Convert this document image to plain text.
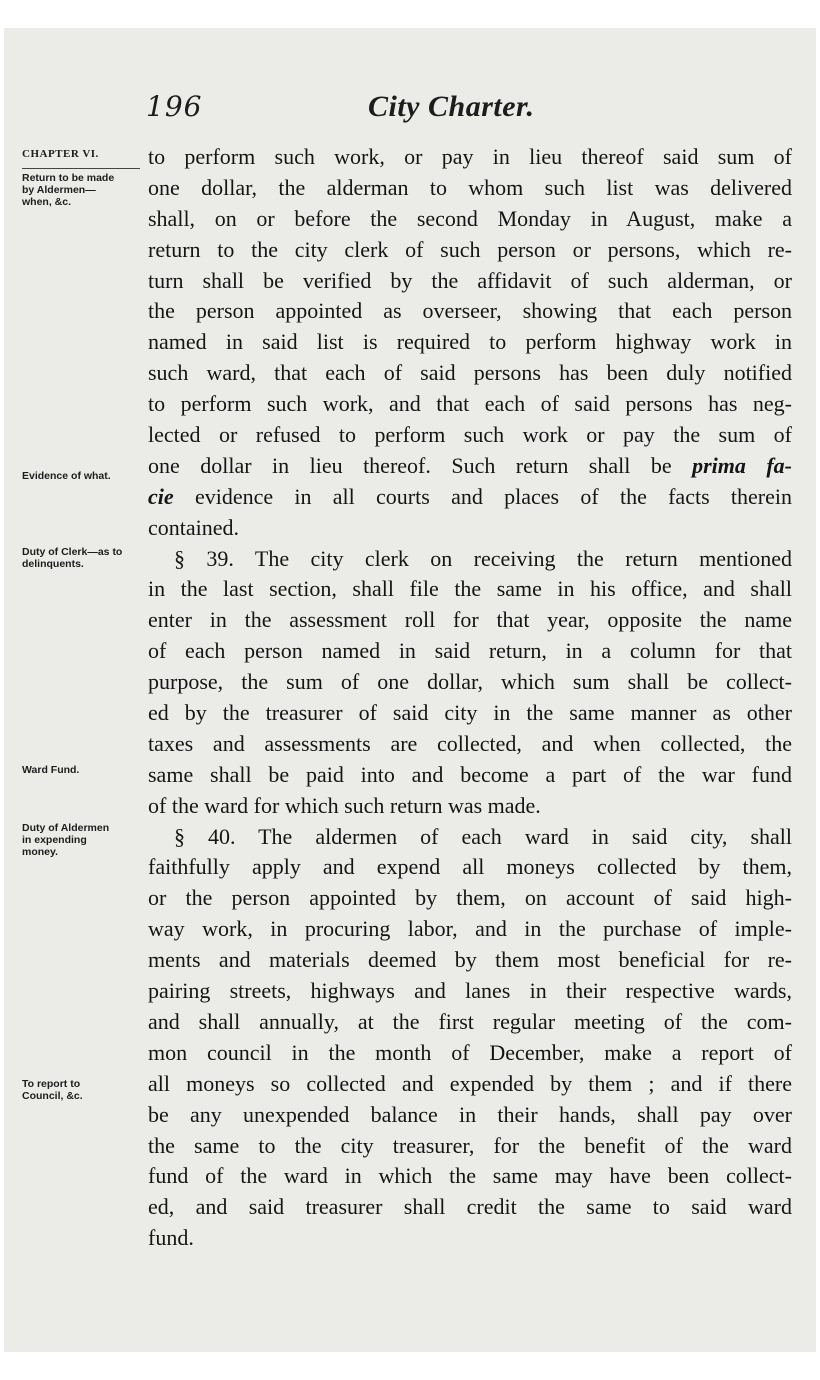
196	City Charter.
CHAPTER VI.
Return to be made by Aldermen—when, &c.
Evidence of what.
Duty of Clerk—as to delinquents.
Ward Fund.
Duty of Aldermen in expending money.
To report to Council, &c.
to perform such work, or pay in lieu thereof said sum of
one dollar, the alderman to whom such list was delivered
shall, on or before the second Monday in August, make a
return to the city clerk of such person or persons, which re-
turn shall be verified by the affidavit of such alderman, or
the person appointed as overseer, showing that each person
named in said list is required to perform highway work in
such ward, that each of said persons has been duly notified
to perform such work, and that each of said persons has neg-
lected or refused to perform such work or pay the sum of
one dollar in lieu thereof. Such return shall be prima fa-
cie evidence in all courts and places of the facts therein
contained.
§ 39. The city clerk on receiving the return mentioned
in the last section, shall file the same in his office, and shall
enter in the assessment roll for that year, opposite the name
of each person named in said return, in a column for that
purpose, the sum of one dollar, which sum shall be collect-
ed by the treasurer of said city in the same manner as other
taxes and assessments are collected, and when collected, the
same shall be paid into and become a part of the war fund
of the ward for which such return was made.
§ 40. The aldermen of each ward in said city, shall
faithfully apply and expend all moneys collected by them,
or the person appointed by them, on account of said high-
way work, in procuring labor, and in the purchase of imple-
ments and materials deemed by them most beneficial for re-
pairing streets, highways and lanes in their respective wards,
and shall annually, at the first regular meeting of the com-
mon council in the month of December, make a report of
all moneys so collected and expended by them ; and if there
be any unexpended balance in their hands, shall pay over
the same to the city treasurer, for the benefit of the ward
fund of the ward in which the same may have been collect-
ed, and said treasurer shall credit the same to said ward
fund.
